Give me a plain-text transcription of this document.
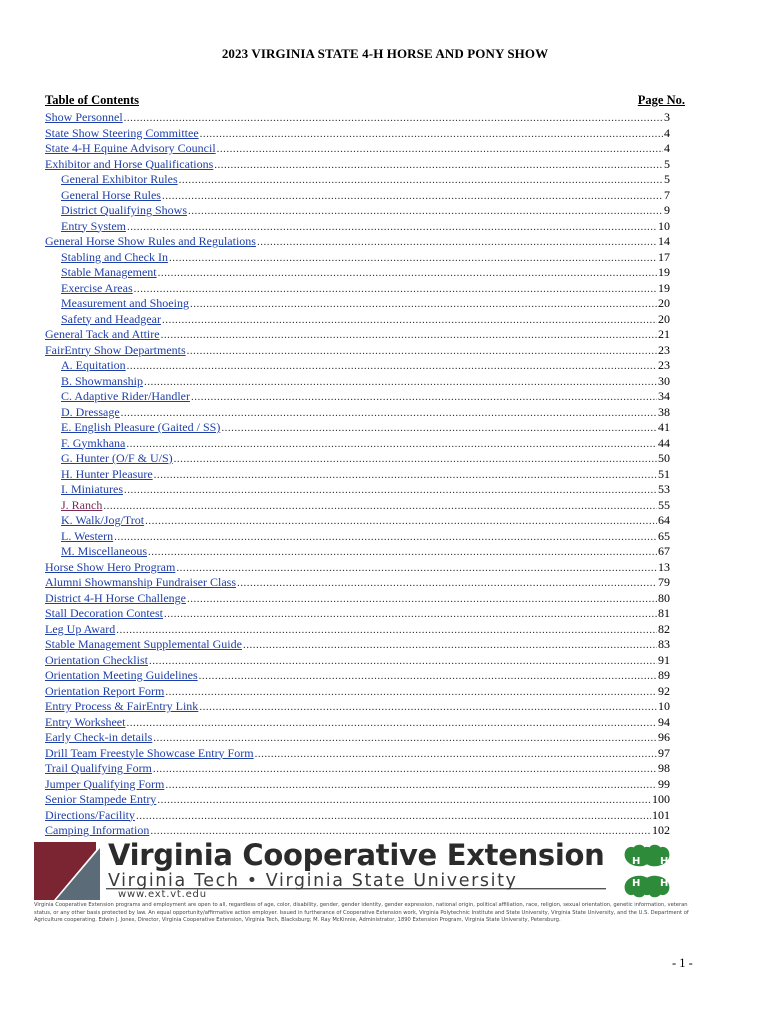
2023 VIRGINIA STATE 4-H HORSE AND PONY SHOW
Table of Contents	Page No.
Show Personnel .....	3
State Show Steering Committee .....	4
State 4-H Equine Advisory Council .....	4
Exhibitor and Horse Qualifications .....	5
General Exhibitor Rules .....	5
General Horse Rules .....	7
District Qualifying Shows .....	9
Entry System .....	10
General Horse Show Rules and Regulations .....	14
Stabling and Check In .....	17
Stable Management .....	19
Exercise Areas .....	19
Measurement and Shoeing .....	20
Safety and Headgear .....	20
General Tack and Attire .....	21
FairEntry Show Departments .....	23
A. Equitation .....	23
B. Showmanship .....	30
C. Adaptive Rider/Handler .....	34
D. Dressage .....	38
E. English Pleasure (Gaited / SS) .....	41
F. Gymkhana .....	44
G. Hunter (O/F & U/S) .....	50
H. Hunter Pleasure .....	51
I. Miniatures .....	53
J. Ranch .....	55
K. Walk/Jog/Trot .....	64
L. Western .....	65
M. Miscellaneous .....	67
Horse Show Hero Program .....	13
Alumni Showmanship Fundraiser Class .....	79
District 4-H Horse Challenge .....	80
Stall Decoration Contest .....	81
Leg Up Award .....	82
Stable Management Supplemental Guide .....	83
Orientation Checklist .....	91
Orientation Meeting Guidelines .....	89
Orientation Report Form .....	92
Entry Process & FairEntry Link .....	10
Entry Worksheet .....	94
Early Check-in details .....	96
Drill Team Freestyle Showcase Entry Form .....	97
Trail Qualifying Form .....	98
Jumper Qualifying Form .....	99
Senior Stampede Entry .....	100
Directions/Facility .....	101
Camping Information .....	102
Virginia Cooperative Extension
Virginia Tech • Virginia State University
www.ext.vt.edu
H H
H H
Virginia Cooperative Extension programs and employment are open to all, regardless of age, color, disability, gender, gender identity, gender expression, national origin, political affiliation, race, religion, sexual orientation, genetic information, veteran status, or any other basis protected by law. An equal opportunity/affirmative action employer. Issued in furtherance of Cooperative Extension work, Virginia Polytechnic Institute and State University, Virginia State University, and the U.S. Department of Agriculture cooperating. Edwin J. Jones, Director, Virginia Cooperative Extension, Virginia Tech, Blacksburg; M. Ray McKinnie, Administrator, 1890 Extension Program, Virginia State University, Petersburg.
- 1 -
